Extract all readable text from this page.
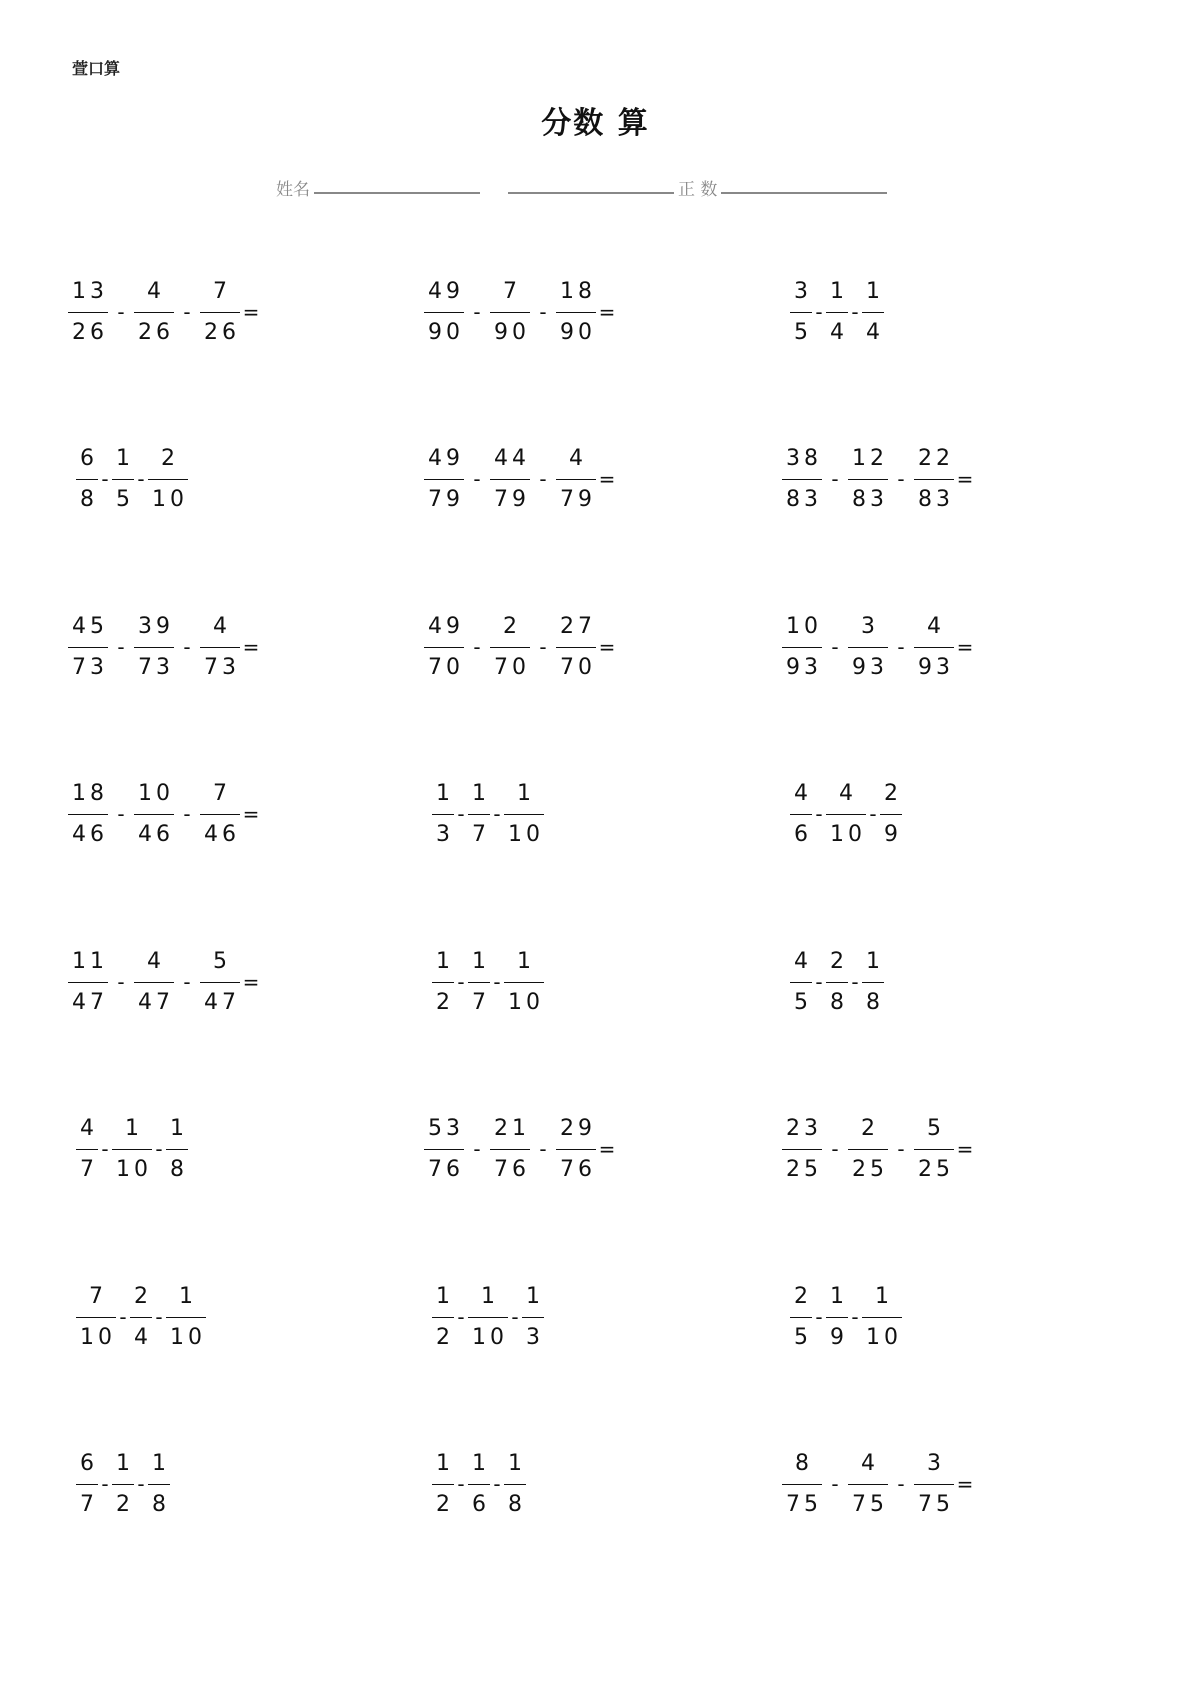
萱口算
分数 算
姓名	正 数
$\frac{13}{26} - \frac{4}{26} - \frac{7}{26}$ =	$\frac{49}{90} - \frac{7}{90} - \frac{18}{90}$ =	$\frac{3}{5} - \frac{1}{4} - \frac{1}{4}$
$\frac{6}{8} - \frac{1}{5} - \frac{2}{10}$	$\frac{49}{79} - \frac{44}{79} - \frac{4}{79}$ =	$\frac{38}{83} - \frac{12}{83} - \frac{22}{83}$ =
$\frac{45}{73} - \frac{39}{73} - \frac{4}{73}$ =	$\frac{49}{70} - \frac{2}{70} - \frac{27}{70}$ =	$\frac{10}{93} - \frac{3}{93} - \frac{4}{93}$ =
$\frac{18}{46} - \frac{10}{46} - \frac{7}{46}$ =	$\frac{1}{3} - \frac{1}{7} - \frac{1}{10}$	$\frac{4}{6} - \frac{4}{10} - \frac{2}{9}$
$\frac{11}{47} - \frac{4}{47} - \frac{5}{47}$ =	$\frac{1}{2} - \frac{1}{7} - \frac{1}{10}$	$\frac{4}{5} - \frac{2}{8} - \frac{1}{8}$
$\frac{4}{7} - \frac{1}{10} - \frac{1}{8}$	$\frac{53}{76} - \frac{21}{76} - \frac{29}{76}$ =	$\frac{23}{25} - \frac{2}{25} - \frac{5}{25}$ =
$\frac{7}{10} - \frac{2}{4} - \frac{1}{10}$	$\frac{1}{2} - \frac{1}{10} - \frac{1}{3}$	$\frac{2}{5} - \frac{1}{9} - \frac{1}{10}$
$\frac{6}{7} - \frac{1}{2} - \frac{1}{8}$	$\frac{1}{2} - \frac{1}{6} - \frac{1}{8}$	$\frac{8}{75} - \frac{4}{75} - \frac{3}{75}$ =
